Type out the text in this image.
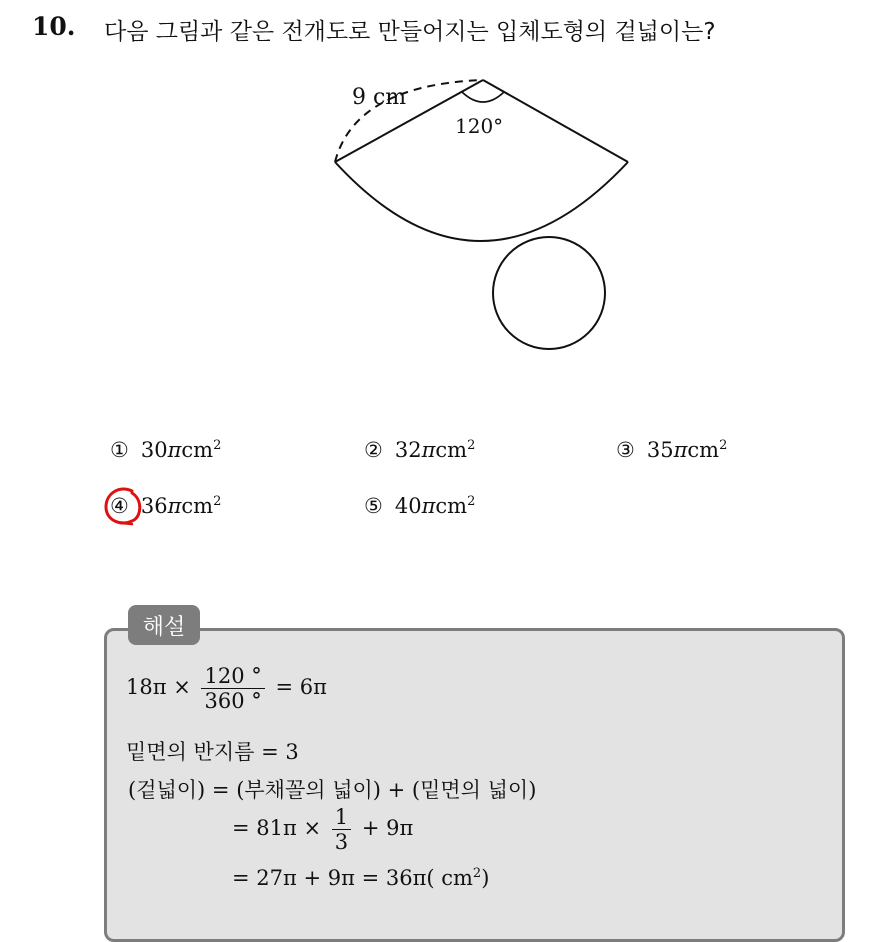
10. 다음 그림과 같은 전개도로 만들어지는 입체도형의 겉넓이는?
9 cm
120°
① 30πcm$^2$	② 32πcm$^2$	③ 35πcm$^2$
④ 36πcm$^2$	⑤ 40πcm$^2$
해설
$18\pi \times \frac{120 ^\circ}{360 ^\circ} = 6\pi$
밑면의 반지름 = 3
(겉넓이) = (부채꼴의 넓이) + (밑면의 넓이)
= $81\pi \times \frac{1}{3} + 9\pi$
= 27π + 9π = 36π( $cm^2$)
